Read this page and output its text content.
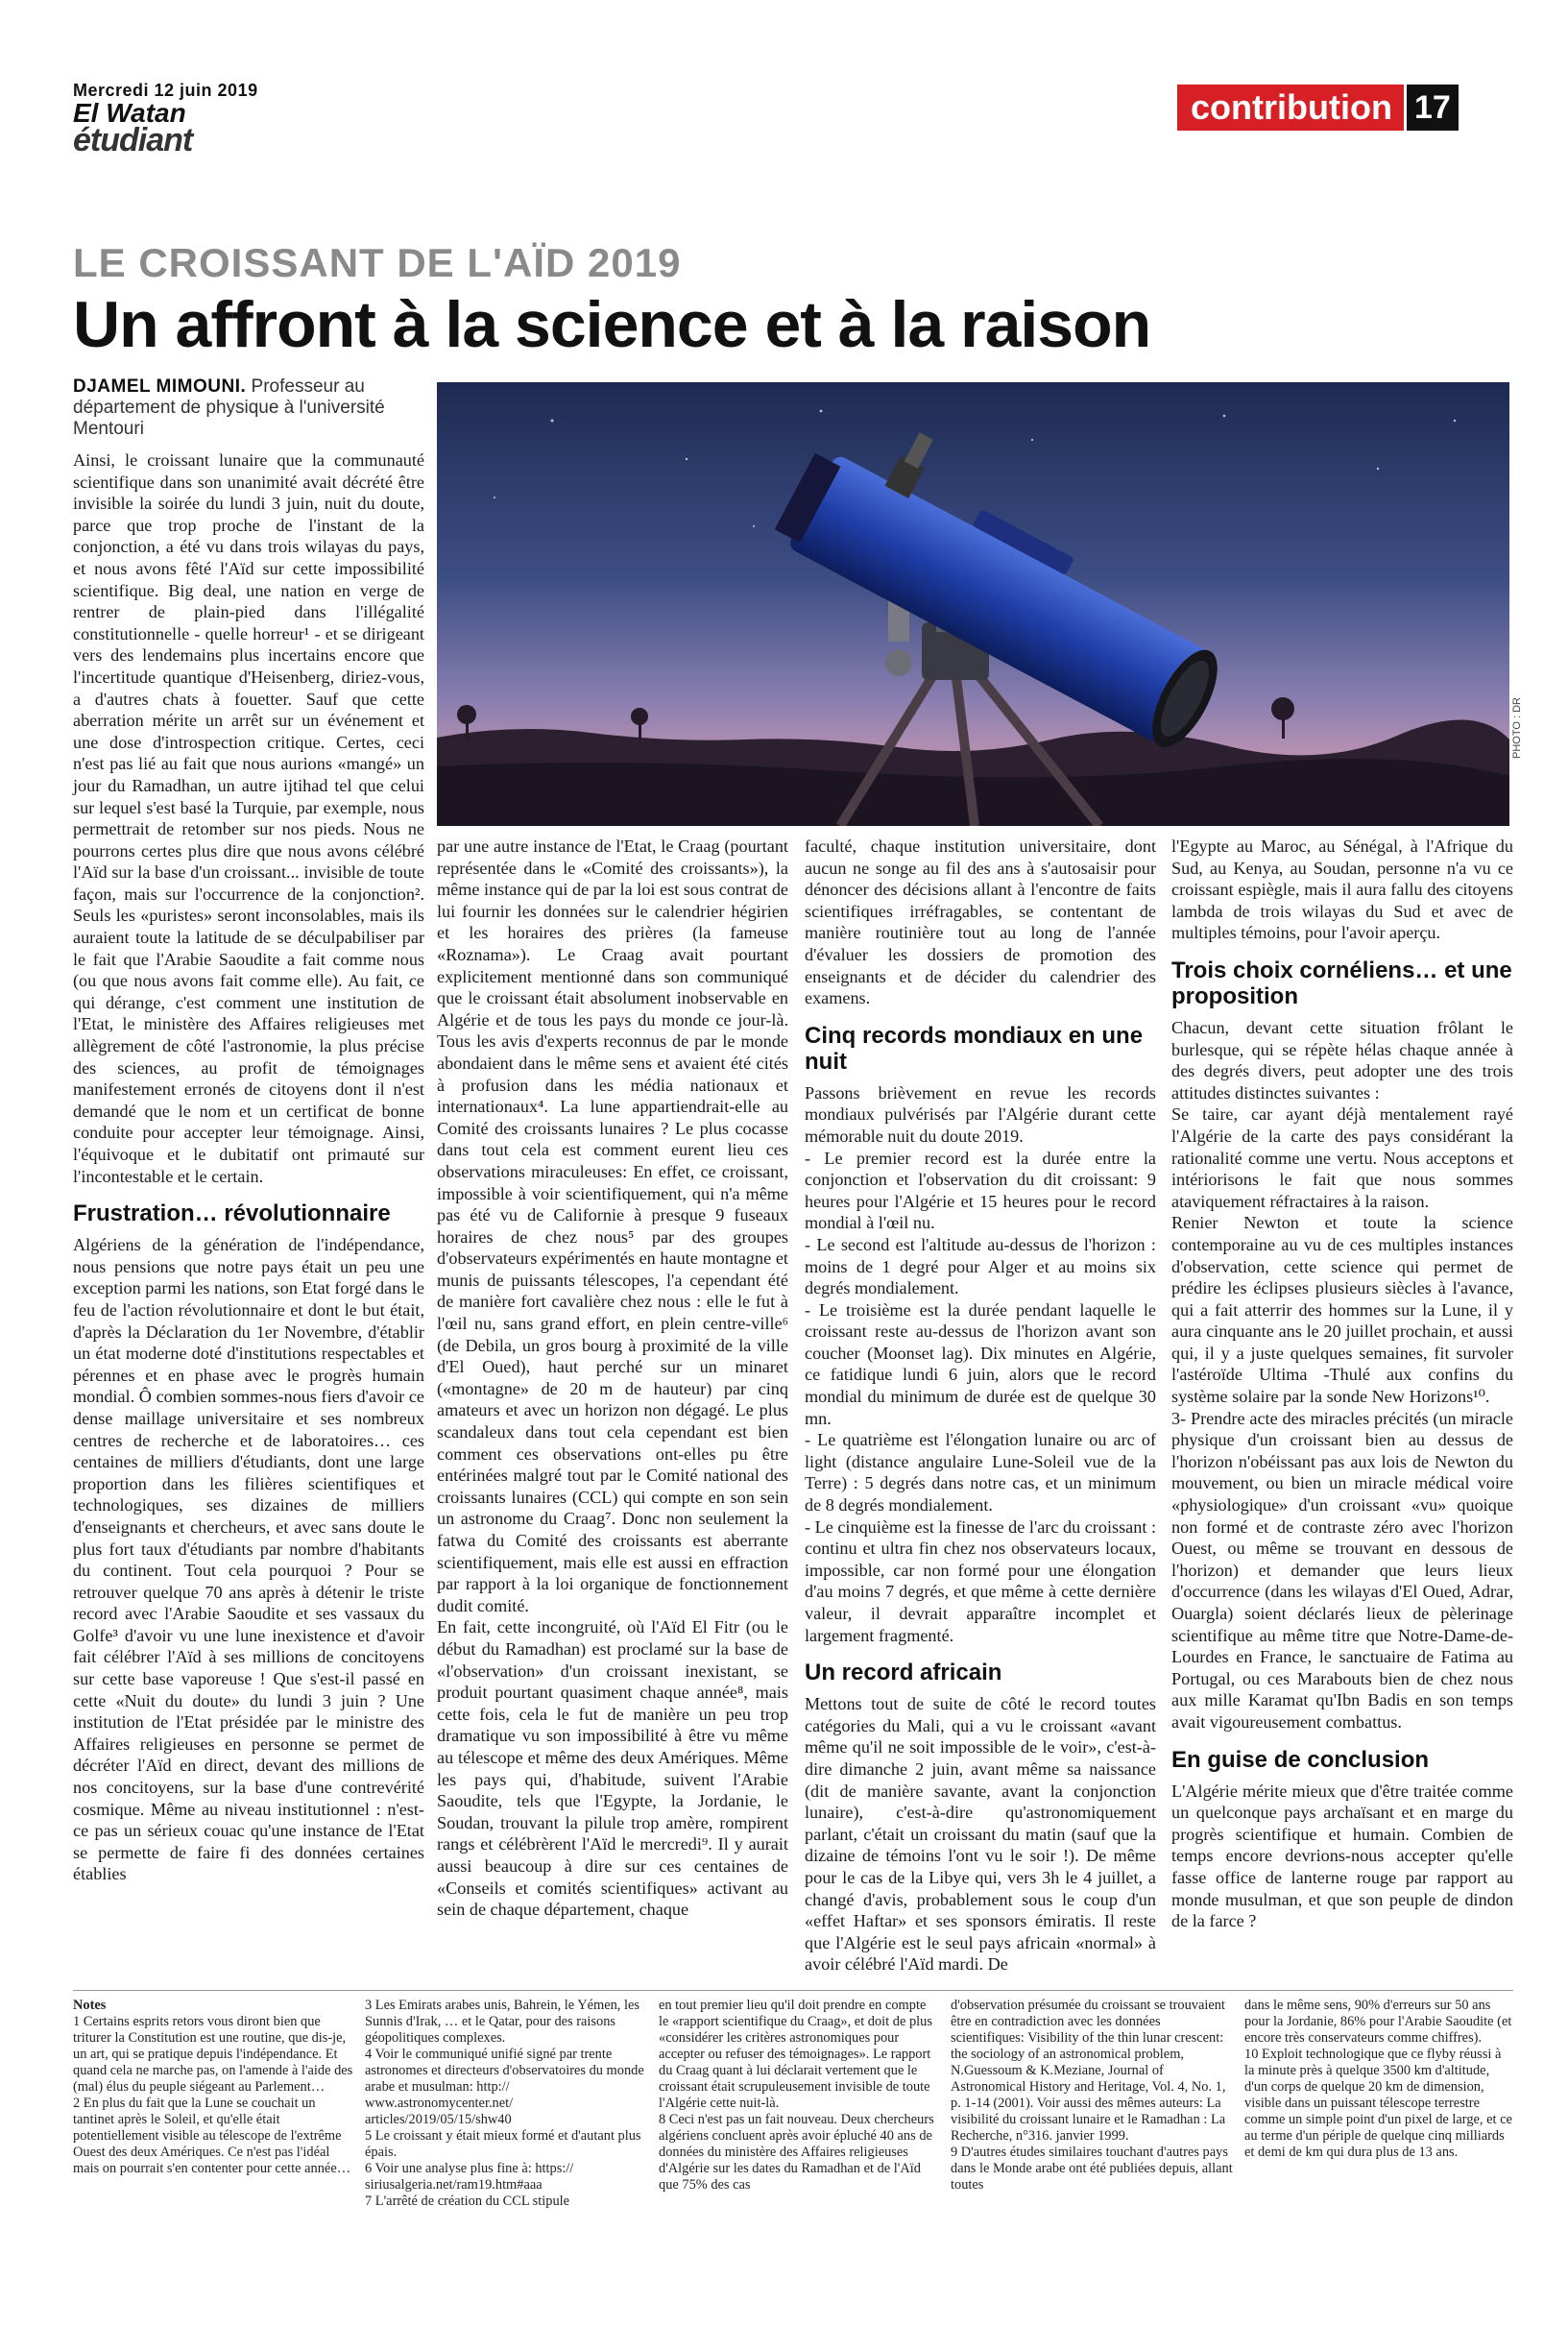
Mercredi 12 juin 2019
El Watan
étudiant
contribution 17
LE CROISSANT DE L'AÏD 2019
Un affront à la science et à la raison
DJAMEL MIMOUNI. Professeur au département de physique à l'université Mentouri
PHOTO : DR

Ainsi, le croissant lunaire que la communauté scientifique dans son unanimité avait décrété être invisible la soirée du lundi 3 juin, nuit du doute, parce que trop proche de l'instant de la conjonction, a été vu dans trois wilayas du pays, et nous avons fêté l'Aïd sur cette impossibilité scientifique. Big deal, une nation en verge de rentrer de plain-pied dans l'illégalité constitutionnelle - quelle horreur¹ - et se dirigeant vers des lendemains plus incertains encore que l'incertitude quantique d'Heisenberg, diriez-vous, a d'autres chats à fouetter. Sauf que cette aberration mérite un arrêt sur un événement et une dose d'introspection critique. Certes, ceci n'est pas lié au fait que nous aurions «mangé» un jour du Ramadhan, un autre ijtihad tel que celui sur lequel s'est basé la Turquie, par exemple, nous permettrait de retomber sur nos pieds. Nous ne pourrons certes plus dire que nous avons célébré l'Aïd sur la base d'un croissant... invisible de toute façon, mais sur l'occurrence de la conjonction². Seuls les «puristes» seront inconsolables, mais ils auraient toute la latitude de se déculpabiliser par le fait que l'Arabie Saoudite a fait comme nous (ou que nous avons fait comme elle). Au fait, ce qui dérange, c'est comment une institution de l'Etat, le ministère des Affaires religieuses met allègrement de côté l'astronomie, la plus précise des sciences, au profit de témoignages manifestement erronés de citoyens dont il n'est demandé que le nom et un certificat de bonne conduite pour accepter leur témoignage. Ainsi, l'équivoque et le dubitatif ont primauté sur l'incontestable et le certain.

Frustration… révolutionnaire

Algériens de la génération de l'indépendance, nous pensions que notre pays était un peu une exception parmi les nations, son Etat forgé dans le feu de l'action révolutionnaire et dont le but était, d'après la Déclaration du 1er Novembre, d'établir un état moderne doté d'institutions respectables et pérennes et en phase avec le progrès humain mondial. Ô combien sommes-nous fiers d'avoir ce dense maillage universitaire et ses nombreux centres de recherche et de laboratoires… ces centaines de milliers d'étudiants, dont une large proportion dans les filières scientifiques et technologiques, ses dizaines de milliers d'enseignants et chercheurs, et avec sans doute le plus fort taux d'étudiants par nombre d'habitants du continent. Tout cela pourquoi ? Pour se retrouver quelque 70 ans après à détenir le triste record avec l'Arabie Saoudite et ses vassaux du Golfe³ d'avoir vu une lune inexistence et d'avoir fait célébrer l'Aïd à ses millions de concitoyens sur cette base vaporeuse ! Que s'est-il passé en cette «Nuit du doute» du lundi 3 juin ? Une institution de l'Etat présidée par le ministre des Affaires religieuses en personne se permet de décréter l'Aïd en direct, devant des millions de nos concitoyens, sur la base d'une contrevérité cosmique. Même au niveau institutionnel : n'est-ce pas un sérieux couac qu'une instance de l'Etat se permette de faire fi des données certaines établies

par une autre instance de l'Etat, le Craag (pourtant représentée dans le «Comité des croissants»), la même instance qui de par la loi est sous contrat de lui fournir les données sur le calendrier hégirien et les horaires des prières (la fameuse «Roznama»). Le Craag avait pourtant explicitement mentionné dans son communiqué que le croissant était absolument inobservable en Algérie et de tous les pays du monde ce jour-là. Tous les avis d'experts reconnus de par le monde abondaient dans le même sens et avaient été cités à profusion dans les média nationaux et internationaux⁴. La lune appartiendrait-elle au Comité des croissants lunaires ? Le plus cocasse dans tout cela est comment eurent lieu ces observations miraculeuses: En effet, ce croissant, impossible à voir scientifiquement, qui n'a même pas été vu de Californie à presque 9 fuseaux horaires de chez nous⁵ par des groupes d'observateurs expérimentés en haute montagne et munis de puissants télescopes, l'a cependant été de manière fort cavalière chez nous : elle le fut à l'œil nu, sans grand effort, en plein centre-ville⁶ (de Debila, un gros bourg à proximité de la ville d'El Oued), haut perché sur un minaret («montagne» de 20 m de hauteur) par cinq amateurs et avec un horizon non dégagé. Le plus scandaleux dans tout cela cependant est bien comment ces observations ont-elles pu être entérinées malgré tout par le Comité national des croissants lunaires (CCL) qui compte en son sein un astronome du Craag⁷. Donc non seulement la fatwa du Comité des croissants est aberrante scientifiquement, mais elle est aussi en effraction par rapport à la loi organique de fonctionnement dudit comité.

En fait, cette incongruité, où l'Aïd El Fitr (ou le début du Ramadhan) est proclamé sur la base de «l'observation» d'un croissant inexistant, se produit pourtant quasiment chaque année⁸, mais cette fois, cela le fut de manière un peu trop dramatique vu son impossibilité à être vu même au télescope et même des deux Amériques. Même les pays qui, d'habitude, suivent l'Arabie Saoudite, tels que l'Egypte, la Jordanie, le Soudan, trouvant la pilule trop amère, rompirent rangs et célébrèrent l'Aïd le mercredi⁹. Il y aurait aussi beaucoup à dire sur ces centaines de «Conseils et comités scientifiques» activant au sein de chaque département, chaque

faculté, chaque institution universitaire, dont aucun ne songe au fil des ans à s'autosaisir pour dénoncer des décisions allant à l'encontre de faits scientifiques irréfragables, se contentant de manière routinière tout au long de l'année d'évaluer les dossiers de promotion des enseignants et de décider du calendrier des examens.

Cinq records mondiaux en une nuit

Passons brièvement en revue les records mondiaux pulvérisés par l'Algérie durant cette mémorable nuit du doute 2019.

- Le premier record est la durée entre la conjonction et l'observation du dit croissant: 9 heures pour l'Algérie et 15 heures pour le record mondial à l'œil nu.

- Le second est l'altitude au-dessus de l'horizon : moins de 1 degré pour Alger et au moins six degrés mondialement.

- Le troisième est la durée pendant laquelle le croissant reste au-dessus de l'horizon avant son coucher (Moonset lag). Dix minutes en Algérie, ce fatidique lundi 6 juin, alors que le record mondial du minimum de durée est de quelque 30 mn.

- Le quatrième est l'élongation lunaire ou arc of light (distance angulaire Lune-Soleil vue de la Terre) : 5 degrés dans notre cas, et un minimum de 8 degrés mondialement.

- Le cinquième est la finesse de l'arc du croissant : continu et ultra fin chez nos observateurs locaux, impossible, car non formé pour une élongation d'au moins 7 degrés, et que même à cette dernière valeur, il devrait apparaître incomplet et largement fragmenté.

Un record africain

Mettons tout de suite de côté le record toutes catégories du Mali, qui a vu le croissant «avant même qu'il ne soit impossible de le voir», c'est-à-dire dimanche 2 juin, avant même sa naissance (dit de manière savante, avant la conjonction lunaire), c'est-à-dire qu'astronomiquement parlant, c'était un croissant du matin (sauf que la dizaine de témoins l'ont vu le soir !). De même pour le cas de la Libye qui, vers 3h le 4 juillet, a changé d'avis, probablement sous le coup d'un «effet Haftar» et ses sponsors émiratis. Il reste que l'Algérie est le seul pays africain «normal» à avoir célébré l'Aïd mardi. De

l'Egypte au Maroc, au Sénégal, à l'Afrique du Sud, au Kenya, au Soudan, personne n'a vu ce croissant espiègle, mais il aura fallu des citoyens lambda de trois wilayas du Sud et avec de multiples témoins, pour l'avoir aperçu.

Trois choix cornéliens… et une proposition

Chacun, devant cette situation frôlant le burlesque, qui se répète hélas chaque année à des degrés divers, peut adopter une des trois attitudes distinctes suivantes :

Se taire, car ayant déjà mentalement rayé l'Algérie de la carte des pays considérant la rationalité comme une vertu. Nous acceptons et intériorisons le fait que nous sommes ataviquement réfractaires à la raison.

Renier Newton et toute la science contemporaine au vu de ces multiples instances d'observation, cette science qui permet de prédire les éclipses plusieurs siècles à l'avance, qui a fait atterrir des hommes sur la Lune, il y aura cinquante ans le 20 juillet prochain, et aussi qui, il y a juste quelques semaines, fit survoler l'astéroïde Ultima -Thulé aux confins du système solaire par la sonde New Horizons¹⁰.

3- Prendre acte des miracles précités (un miracle physique d'un croissant bien au dessus de l'horizon n'obéissant pas aux lois de Newton du mouvement, ou bien un miracle médical voire «physiologique» d'un croissant «vu» quoique non formé et de contraste zéro avec l'horizon Ouest, ou même se trouvant en dessous de l'horizon) et demander que leurs lieux d'occurrence (dans les wilayas d'El Oued, Adrar, Ouargla) soient déclarés lieux de pèlerinage scientifique au même titre que Notre-Dame-de-Lourdes en France, le sanctuaire de Fatima au Portugal, ou ces Marabouts bien de chez nous aux mille Karamat qu'Ibn Badis en son temps avait vigoureusement combattus.

En guise de conclusion

L'Algérie mérite mieux que d'être traitée comme un quelconque pays archaïsant et en marge du progrès scientifique et humain. Combien de temps encore devrions-nous accepter qu'elle fasse office de lanterne rouge par rapport au monde musulman, et que son peuple de dindon de la farce ?

Notes

1 Certains esprits retors vous diront bien que triturer la Constitution est une routine, que dis-je, un art, qui se pratique depuis l'indépendance. Et quand cela ne marche pas, on l'amende à l'aide des (mal) élus du peuple siégeant au Parlement…

2 En plus du fait que la Lune se couchait un tantinet après le Soleil, et qu'elle était potentiellement visible au télescope de l'extrême Ouest des deux Amériques. Ce n'est pas l'idéal mais on pourrait s'en contenter pour cette année…

3 Les Emirats arabes unis, Bahrein, le Yémen, les Sunnis d'Irak, … et le Qatar, pour des raisons géopolitiques complexes.

4 Voir le communiqué unifié signé par trente astronomes et directeurs d'observatoires du monde arabe et musulman: http:// www.astronomycenter.net/ articles/2019/05/15/shw40

5 Le croissant y était mieux formé et d'autant plus épais.

6 Voir une analyse plus fine à: https:// siriusalgeria.net/ram19.htm#aaa

7 L'arrêté de création du CCL stipule

en tout premier lieu qu'il doit prendre en compte le «rapport scientifique du Craag», et doit de plus «considérer les critères astronomiques pour accepter ou refuser des témoignages». Le rapport du Craag quant à lui déclarait vertement que le croissant était scrupuleusement invisible de toute l'Algérie cette nuit-là.

8 Ceci n'est pas un fait nouveau. Deux chercheurs algériens concluent après avoir épluché 40 ans de données du ministère des Affaires religieuses d'Algérie sur les dates du Ramadhan et de l'Aïd que 75% des cas

d'observation présumée du croissant se trouvaient être en contradiction avec les données scientifiques: Visibility of the thin lunar crescent: the sociology of an astronomical problem, N.Guessoum & K.Meziane, Journal of Astronomical History and Heritage, Vol. 4, No. 1, p. 1-14 (2001). Voir aussi des mêmes auteurs: La visibilité du croissant lunaire et le Ramadhan : La Recherche, n°316. janvier 1999.

9 D'autres études similaires touchant d'autres pays dans le Monde arabe ont été publiées depuis, allant toutes

dans le même sens, 90% d'erreurs sur 50 ans pour la Jordanie, 86% pour l'Arabie Saoudite (et encore très conservateurs comme chiffres).

10 Exploit technologique que ce flyby réussi à la minute près à quelque 3500 km d'altitude, d'un corps de quelque 20 km de dimension, visible dans un puissant télescope terrestre comme un simple point d'un pixel de large, et ce au terme d'un périple de quelque cinq milliards et demi de km qui dura plus de 13 ans.
